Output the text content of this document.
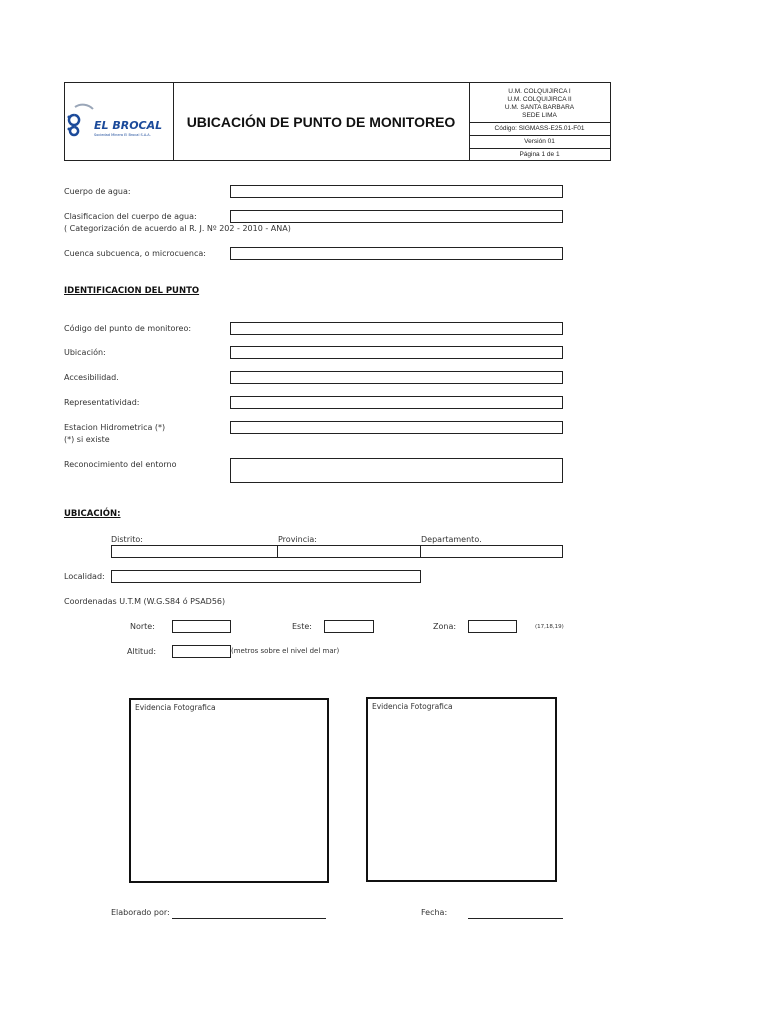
EL BROCAL
Sociedad Minera El Brocal S.A.A.
UBICACIÓN DE PUNTO DE MONITOREO
U.M. COLQUIJIRCA I
U.M. COLQUIJIRCA II
U.M. SANTA BARBARA
SEDE LIMA
Código: SIGMASS-E25.01-F01
Versión 01
Página 1 de 1
Cuerpo de agua:
Clasificacion del cuerpo de agua:
( Categorización de acuerdo al R. J. Nº 202 - 2010 - ANA)
Cuenca subcuenca, o microcuenca:
IDENTIFICACION DEL PUNTO
Código del punto de monitoreo:
Ubicación:
Accesibilidad.
Representatividad:
Estacion Hidrometrica (*)
(*) si existe
Reconocimiento del entorno
UBICACIÓN:
Distrito:	Provincia:	Departamento.
Localidad:
Coordenadas U.T.M (W.G.S84 ó PSAD56)
Norte:	Este:	Zona:	(17,18,19)
Altitud:	(metros sobre el nivel del mar)
Evidencia Fotografica	Evidencia Fotografica
Elaborado por:	Fecha:
